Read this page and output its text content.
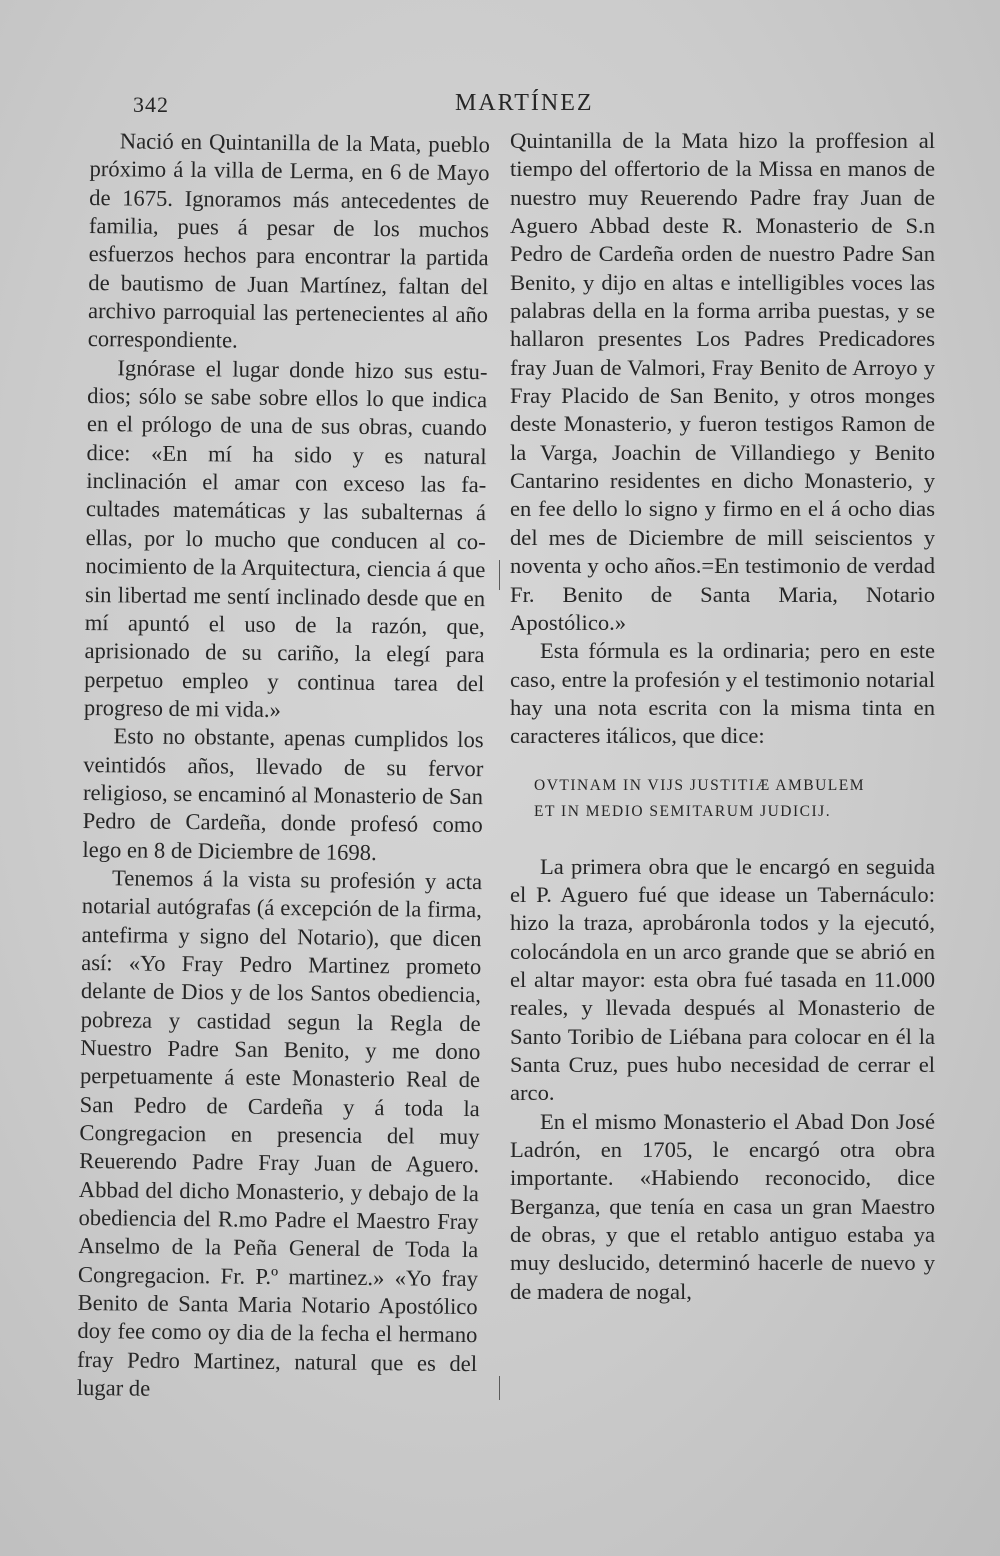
342	MARTÍNEZ

Nació en Quintanilla de la Mata, pueblo próximo á la villa de Lerma, en 6 de Mayo de 1675. Ignoramos más antecedentes de familia, pues á pesar de los muchos esfuerzos hechos para encontrar la partida de bautismo de Juan Martínez, faltan del archivo parroquial las pertenecientes al año correspondiente.

Ignórase el lugar donde hizo sus estudios; sólo se sabe sobre ellos lo que indica en el prólogo de una de sus obras, cuando dice: «En mí ha sido y es natural inclinación el amar con exceso las facultades matemáticas y las subalternas á ellas, por lo mucho que conducen al conocimiento de la Arquitectura, ciencia á que sin libertad me sentí inclinado desde que en mí apuntó el uso de la razón, que, aprisionado de su cariño, la elegí para perpetuo empleo y continua tarea del progreso de mi vida.»

Esto no obstante, apenas cumplidos los veintidós años, llevado de su fervor religioso, se encaminó al Monasterio de San Pedro de Cardeña, donde profesó como lego en 8 de Diciembre de 1698.

Tenemos á la vista su profesión y acta notarial autógrafas (á excepción de la firma, antefirma y signo del Notario), que dicen así: «Yo Fray Pedro Martinez prometo delante de Dios y de los Santos obediencia, pobreza y castidad segun la Regla de Nuestro Padre San Benito, y me dono perpetuamente á este Monasterio Real de San Pedro de Cardeña y á toda la Congregacion en presencia del muy Reuerendo Padre Fray Juan de Aguero. Abbad del dicho Monasterio, y debajo de la obediencia del R.mo Padre el Maestro Fray Anselmo de la Peña General de Toda la Congregacion. Fr. P.º martinez.» «Yo fray Benito de Santa Maria Notario Apostólico doy fee como oy dia de la fecha el hermano fray Pedro Martinez, natural que es del lugar de

Quintanilla de la Mata hizo la proffesion al tiempo del offertorio de la Missa en manos de nuestro muy Reuerendo Padre fray Juan de Aguero Abbad deste R. Monasterio de S.n Pedro de Cardeña orden de nuestro Padre San Benito, y dijo en altas e intelligibles voces las palabras della en la forma arriba puestas, y se hallaron presentes Los Padres Predicadores fray Juan de Valmori, Fray Benito de Arroyo y Fray Placido de San Benito, y otros monges deste Monasterio, y fueron testigos Ramon de la Varga, Joachin de Villandiego y Benito Cantarino residentes en dicho Monasterio, y en fee dello lo signo y firmo en el á ocho dias del mes de Diciembre de mill seiscientos y noventa y ocho años.=En testimonio de verdad Fr. Benito de Santa Maria, Notario Apostólico.»

Esta fórmula es la ordinaria; pero en este caso, entre la profesión y el testimonio notarial hay una nota escrita con la misma tinta en caracteres itálicos, que dice:

OVTINAM IN VIJS JUSTITIÆ AMBULEM
ET IN MEDIO SEMITARUM JUDICIJ.

La primera obra que le encargó en seguida el P. Aguero fué que idease un Tabernáculo: hizo la traza, aprobáronla todos y la ejecutó, colocándola en un arco grande que se abrió en el altar mayor: esta obra fué tasada en 11.000 reales, y llevada después al Monasterio de Santo Toribio de Liébana para colocar en él la Santa Cruz, pues hubo necesidad de cerrar el arco.

En el mismo Monasterio el Abad Don José Ladrón, en 1705, le encargó otra obra importante. «Habiendo reconocido, dice Berganza, que tenía en casa un gran Maestro de obras, y que el retablo antiguo estaba ya muy deslucido, determinó hacerle de nuevo y de madera de nogal,
